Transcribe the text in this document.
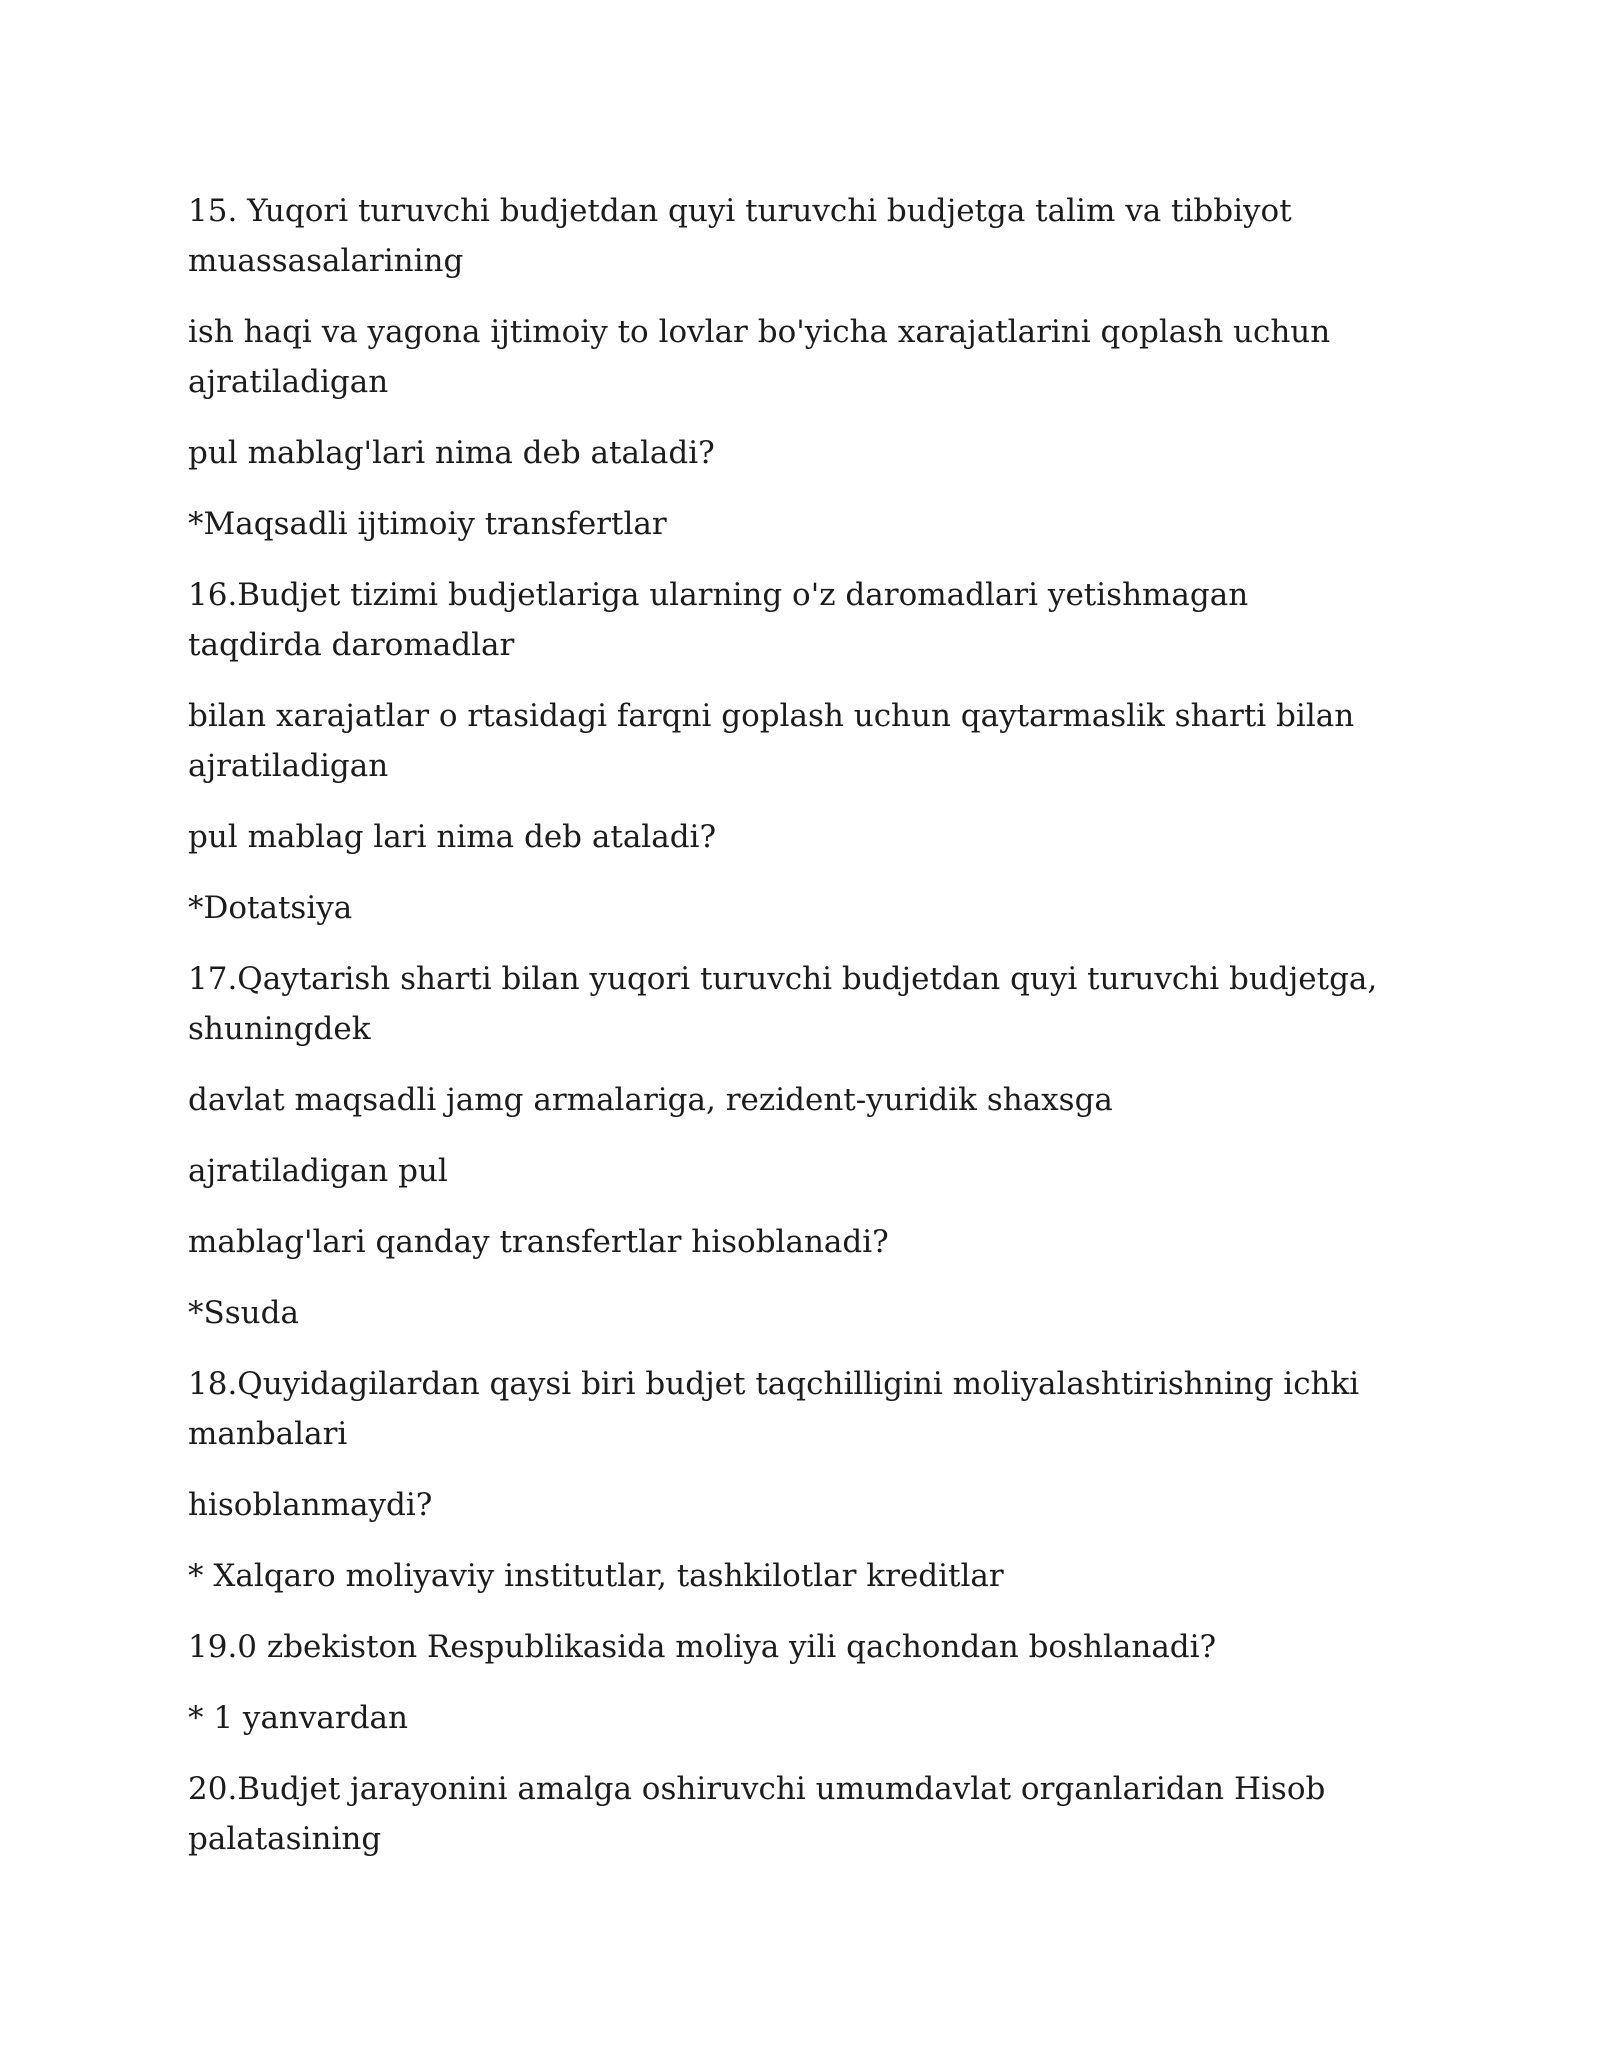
15. Yuqori turuvchi budjetdan quyi turuvchi budjetga talim va tibbiyot muassasalarining

ish haqi va yagona ijtimoiy to lovlar bo'yicha xarajatlarini qoplash uchun ajratiladigan

pul mablag'lari nima deb ataladi?

*Maqsadli ijtimoiy transfertlar

16.Budjet tizimi budjetlariga ularning o'z daromadlari yetishmagan taqdirda daromadlar

bilan xarajatlar o rtasidagi farqni goplash uchun qaytarmaslik sharti bilan ajratiladigan

pul mablag lari nima deb ataladi?

*Dotatsiya

17.Qaytarish sharti bilan yuqori turuvchi budjetdan quyi turuvchi budjetga, shuningdek

davlat maqsadli jamg armalariga, rezident-yuridik shaxsga

ajratiladigan pul

mablag'lari qanday transfertlar hisoblanadi?

*Ssuda

18.Quyidagilardan qaysi biri budjet taqchilligini moliyalashtirishning ichki manbalari

hisoblanmaydi?

* Xalqaro moliyaviy institutlar, tashkilotlar kreditlar

19.0 zbekiston Respublikasida moliya yili qachondan boshlanadi?

* 1 yanvardan

20.Budjet jarayonini amalga oshiruvchi umumdavlat organlaridan Hisob palatasining
